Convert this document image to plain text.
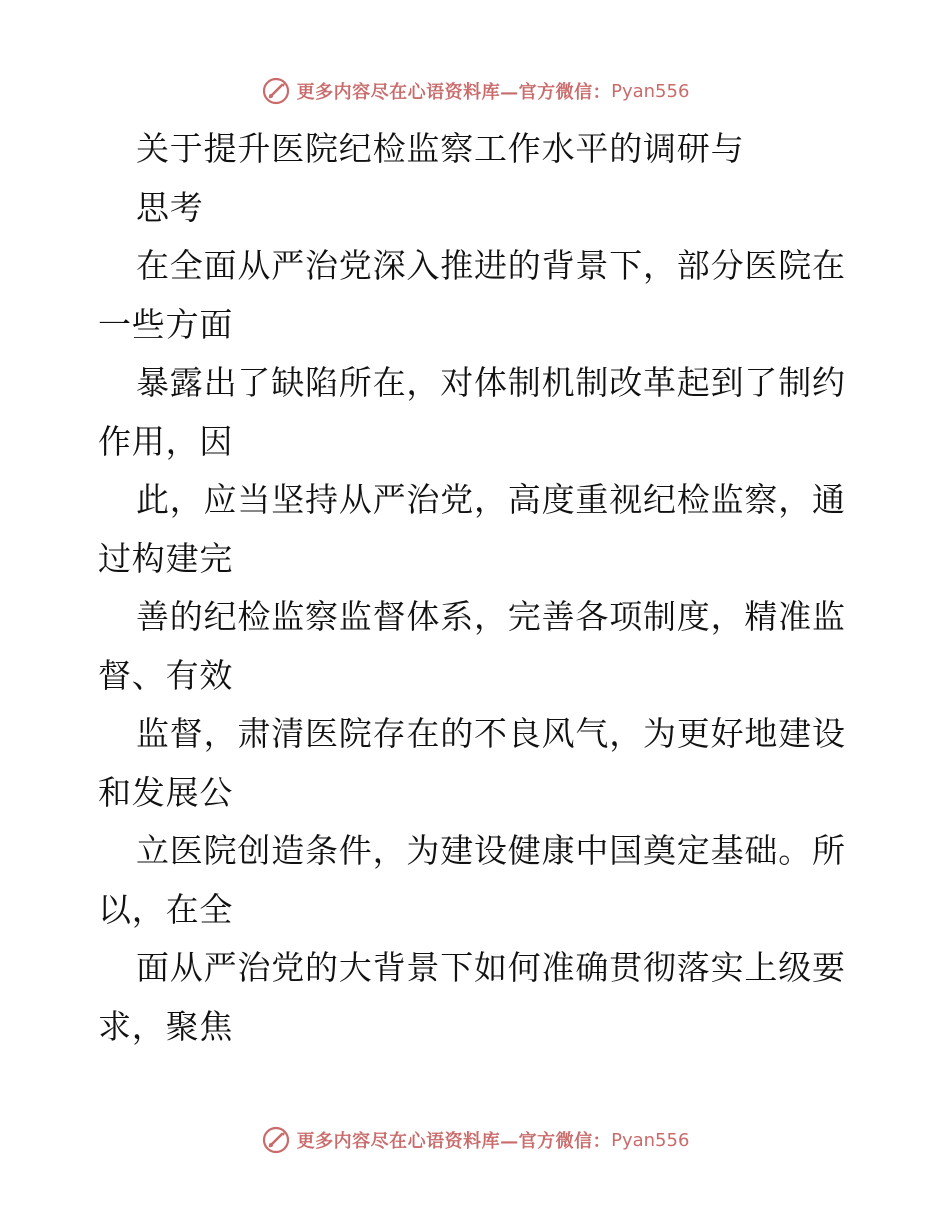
更多内容尽在心语资料库—官方微信： Pyan556
关于提升医院纪检监察工作水平的调研与
思考
在全面从严治党深入推进的背景下，部分医院在
一些方面
暴露出了缺陷所在，对体制机制改革起到了制约
作用，因
此，应当坚持从严治党，高度重视纪检监察，通
过构建完
善的纪检监察监督体系，完善各项制度，精准监
督、有效
监督，肃清医院存在的不良风气，为更好地建设
和发展公
立医院创造条件，为建设健康中国奠定基础。所
以，在全
面从严治党的大背景下如何准确贯彻落实上级要
求，聚焦
更多内容尽在心语资料库—官方微信： Pyan556
